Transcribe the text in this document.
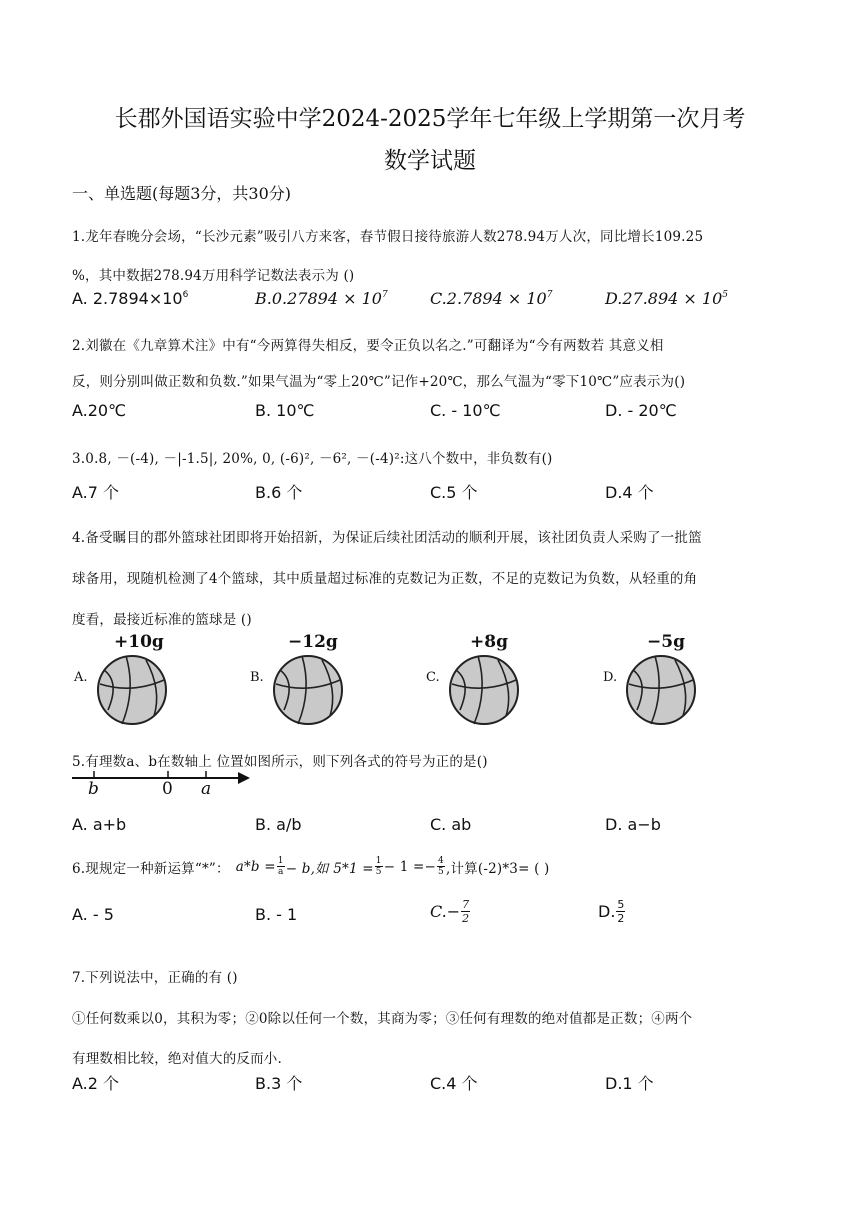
长郡外国语实验中学2024-2025学年七年级上学期第一次月考
数学试题
一、单选题(每题3分，共30分)
1.龙年春晚分会场，“长沙元素”吸引八方来客，春节假日接待旅游人数278.94万人次，同比增长109.25
%，其中数据278.94万用科学记数法表示为 ()
A. $2.7894\times 10^6$	$B.0.27894 \times 10^7$	$C.2.7894 \times 10^7$	$D.27.894 \times 10^5$
2.刘徽在《九章算术注》中有“今两算得失相反，要令正负以名之.”可翻译为“今有两数若 其意义相
反，则分别叫做正数和负数.”如果气温为“零上20℃”记作+20℃，那么气温为“零下10℃”应表示为()
A.20℃	B. 10℃	C. - 10℃	D. - 20℃
3.0.8, －(-4), －|-1.5|, 20%, 0, (-6)², －6², －(-4)²:这八个数中，非负数有()
A.7 个	B.6 个	C.5 个	D.4 个
4.备受瞩目的郡外篮球社团即将开始招新，为保证后续社团活动的顺利开展，该社团负责人采购了一批篮
球备用，现随机检测了4个篮球，其中质量超过标准的克数记为正数，不足的克数记为负数，从轻重的角
度看，最接近标准的篮球是 ()
+10g
A.
−12g
B.
+8g
C.
−5g
D.
5.有理数a、b在数轴上 位置如图所示，则下列各式的符号为正的是()
b	0 a
A. a+b	B. a/b	C. ab	D. a−b
6.现规定一种新运算“*”： $a*b = \frac{1}{a} - b$,如 $5*1 = \frac{1}{5} - 1 =- \frac{4}{5}$ ,计算(-2)*3= ( )
A. - 5	B. - 1	$C.- \frac{7}{2}$	D. $\frac{5}{2}$
7.下列说法中，正确的有 ()
①任何数乘以0，其积为零；②0除以任何一个数，其商为零；③任何有理数的绝对值都是正数；④两个
有理数相比较，绝对值大的反而小.
A.2 个	B.3 个	C.4 个	D.1 个
